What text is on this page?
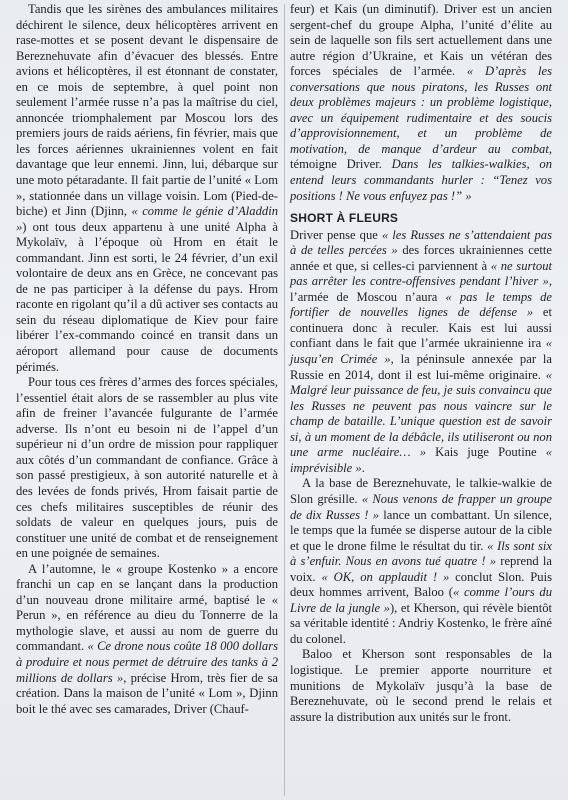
Tandis que les sirènes des ambulances militaires déchirent le silence, deux hélicoptères arrivent en rase-mottes et se posent devant le dispensaire de Bereznehuvate afin d’évacuer des blessés. Entre avions et hélicoptères, il est étonnant de constater, en ce mois de septembre, à quel point non seulement l’armée russe n’a pas la maîtrise du ciel, annoncée triomphalement par Moscou lors des premiers jours de raids aériens, fin février, mais que les forces aériennes ukrainiennes volent en fait davantage que leur ennemi. Jinn, lui, débarque sur une moto pétaradante. Il fait partie de l’unité « Lom », stationnée dans un village voisin. Lom (Pied-de-biche) et Jinn (Djinn, « comme le génie d’Aladdin ») ont tous deux appartenu à une unité Alpha à Mykolaïv, à l’époque où Hrom en était le commandant. Jinn est sorti, le 24 février, d’un exil volontaire de deux ans en Grèce, ne concevant pas de ne pas participer à la défense du pays. Hrom raconte en rigolant qu’il a dû activer ses contacts au sein du réseau diplomatique de Kiev pour faire libérer l’ex-commando coincé en transit dans un aéroport allemand pour cause de documents périmés.

Pour tous ces frères d’armes des forces spéciales, l’essentiel était alors de se rassembler au plus vite afin de freiner l’avancée fulgurante de l’armée adverse. Ils n’ont eu besoin ni de l’appel d’un supérieur ni d’un ordre de mission pour rappliquer aux côtés d’un commandant de confiance. Grâce à son passé prestigieux, à son autorité naturelle et à des levées de fonds privés, Hrom faisait partie de ces chefs militaires susceptibles de réunir des soldats de valeur en quelques jours, puis de constituer une unité de combat et de renseignement en une poignée de semaines.

A l’automne, le « groupe Kostenko » a encore franchi un cap en se lançant dans la production d’un nouveau drone militaire armé, baptisé le « Perun », en référence au dieu du Tonnerre de la mythologie slave, et aussi au nom de guerre du commandant. « Ce drone nous coûte 18 000 dollars à produire et nous permet de détruire des tanks à 2 millions de dollars », précise Hrom, très fier de sa création. Dans la maison de l’unité « Lom », Djinn boit le thé avec ses camarades, Driver (Chauf-

feur) et Kais (un diminutif). Driver est un ancien sergent-chef du groupe Alpha, l’unité d’élite au sein de laquelle son fils sert actuellement dans une autre région d’Ukraine, et Kais un vétéran des forces spéciales de l’armée. « D’après les conversations que nous piratons, les Russes ont deux problèmes majeurs : un problème logistique, avec un équipement rudimentaire et des soucis d’approvisionnement, et un problème de motivation, de manque d’ardeur au combat, témoigne Driver. Dans les talkies-walkies, on entend leurs commandants hurler : “Tenez vos positions ! Ne vous enfuyez pas !” »

SHORT À FLEURS

Driver pense que « les Russes ne s’attendaient pas à de telles percées » des forces ukrainiennes cette année et que, si celles-ci parviennent à « ne surtout pas arrêter les contre-offensives pendant l’hiver », l’armée de Moscou n’aura « pas le temps de fortifier de nouvelles lignes de défense » et continuera donc à reculer. Kais est lui aussi confiant dans le fait que l’armée ukrainienne ira « jusqu’en Crimée », la péninsule annexée par la Russie en 2014, dont il est lui-même originaire. « Malgré leur puissance de feu, je suis convaincu que les Russes ne peuvent pas nous vaincre sur le champ de bataille. L’unique question est de savoir si, à un moment de la débâcle, ils utiliseront ou non une arme nucléaire… » Kais juge Poutine « imprévisible ».

A la base de Bereznehuvate, le talkie-walkie de Slon grésille. « Nous venons de frapper un groupe de dix Russes ! » lance un combattant. Un silence, le temps que la fumée se disperse autour de la cible et que le drone filme le résultat du tir. « Ils sont six à s’enfuir. Nous en avons tué quatre ! » reprend la voix. « OK, on applaudit ! » conclut Slon. Puis deux hommes arrivent, Baloo (« comme l’ours du Livre de la jungle »), et Kherson, qui révèle bientôt sa véritable identité : Andriy Kostenko, le frère aîné du colonel.

Baloo et Kherson sont responsables de la logistique. Le premier apporte nourriture et munitions de Mykolaïv jusqu’à la base de Bereznehuvate, où le second prend le relais et assure la distribution aux unités sur le front.
